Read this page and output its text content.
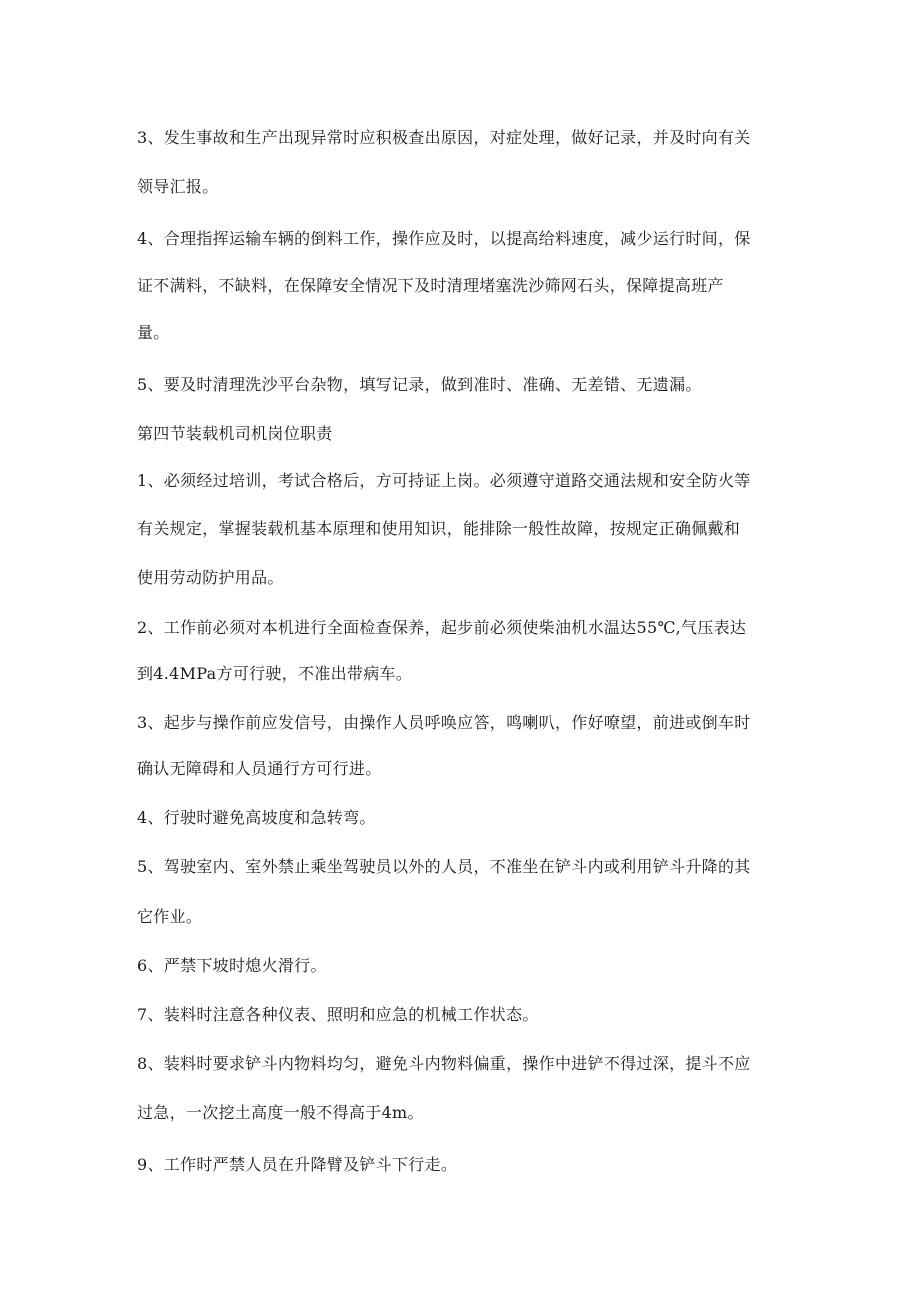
3、发生事故和生产出现异常时应积极查出原因，对症处理，做好记录，并及时向有关
领导汇报。
4、合理指挥运输车辆的倒料工作，操作应及时，以提高给料速度，减少运行时间，保
证不满料，不缺料，在保障安全情况下及时清理堵塞洗沙筛网石头，保障提高班产
量。
5、要及时清理洗沙平台杂物，填写记录，做到准时、准确、无差错、无遗漏。
第四节装载机司机岗位职责
1、必须经过培训，考试合格后，方可持证上岗。必须遵守道路交通法规和安全防火等
有关规定，掌握装载机基本原理和使用知识，能排除一般性故障，按规定正确佩戴和
使用劳动防护用品。
2、工作前必须对本机进行全面检查保养，起步前必须使柴油机水温达55℃,气压表达
到4.4MPa方可行驶，不准出带病车。
3、起步与操作前应发信号，由操作人员呼唤应答，鸣喇叭，作好嘹望，前进或倒车时
确认无障碍和人员通行方可行进。
4、行驶时避免高坡度和急转弯。
5、驾驶室内、室外禁止乘坐驾驶员以外的人员，不准坐在铲斗内或利用铲斗升降的其
它作业。
6、严禁下坡时熄火滑行。
7、装料时注意各种仪表、照明和应急的机械工作状态。
8、装料时要求铲斗内物料均匀，避免斗内物料偏重，操作中进铲不得过深，提斗不应
过急，一次挖土高度一般不得高于4m。
9、工作时严禁人员在升降臂及铲斗下行走。
